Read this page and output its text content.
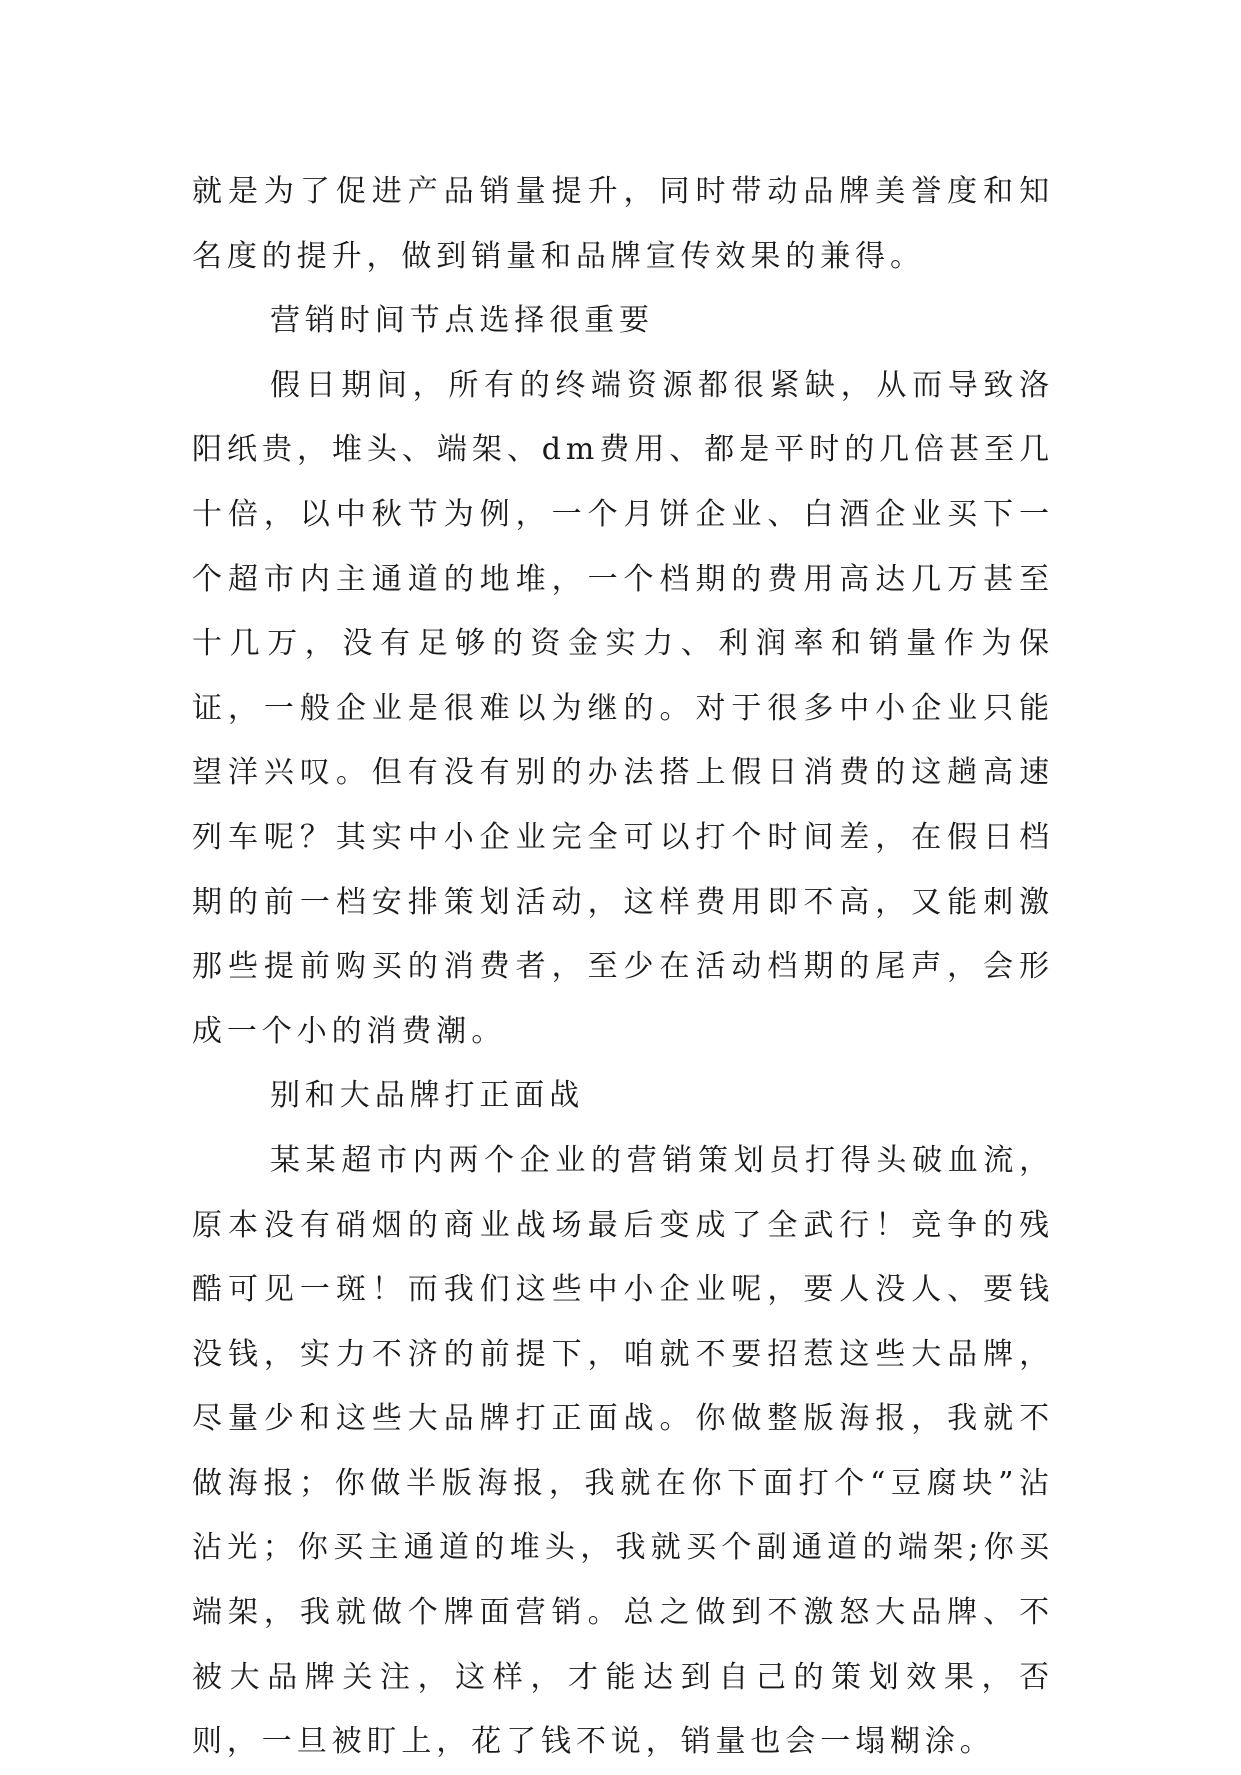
就是为了促进产品销量提升，同时带动品牌美誉度和知名度的提升，做到销量和品牌宣传效果的兼得。

营销时间节点选择很重要

假日期间，所有的终端资源都很紧缺，从而导致洛阳纸贵，堆头、端架、dm费用、都是平时的几倍甚至几十倍，以中秋节为例，一个月饼企业、白酒企业买下一个超市内主通道的地堆，一个档期的费用高达几万甚至十几万，没有足够的资金实力、利润率和销量作为保证，一般企业是很难以为继的。对于很多中小企业只能望洋兴叹。但有没有别的办法搭上假日消费的这趟高速列车呢？其实中小企业完全可以打个时间差，在假日档期的前一档安排策划活动，这样费用即不高，又能刺激那些提前购买的消费者，至少在活动档期的尾声，会形成一个小的消费潮。

别和大品牌打正面战

某某超市内两个企业的营销策划员打得头破血流，原本没有硝烟的商业战场最后变成了全武行！竞争的残酷可见一斑！而我们这些中小企业呢，要人没人、要钱没钱，实力不济的前提下，咱就不要招惹这些大品牌，尽量少和这些大品牌打正面战。你做整版海报，我就不做海报；你做半版海报，我就在你下面打个“豆腐块”沾沾光；你买主通道的堆头，我就买个副通道的端架;你买端架，我就做个牌面营销。总之做到不激怒大品牌、不被大品牌关注，这样，才能达到自己的策划效果，否则，一旦被盯上，花了钱不说，销量也会一塌糊涂。
